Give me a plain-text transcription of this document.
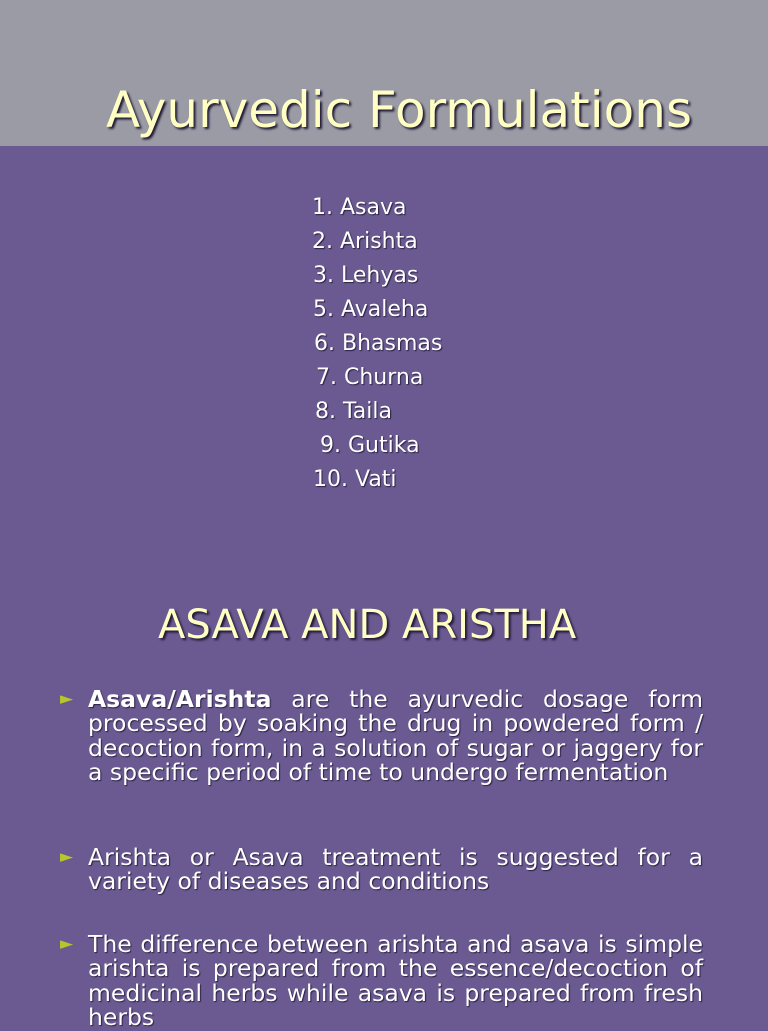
Ayurvedic Formulations
1. Asava
2. Arishta
3. Lehyas
5. Avaleha
6. Bhasmas
7. Churna
8. Taila
9. Gutika
10. Vati
ASAVA AND ARISTHA
► Asava/Arishta are the ayurvedic dosage form processed by soaking the drug in powdered form / decoction form, in a solution of sugar or jaggery for a specific period of time to undergo fermentation

► Arishta or Asava treatment is suggested for a variety of diseases and conditions

► The difference between arishta and asava is simple arishta is prepared from the essence/decoction of medicinal herbs while asava is prepared from fresh herbs
